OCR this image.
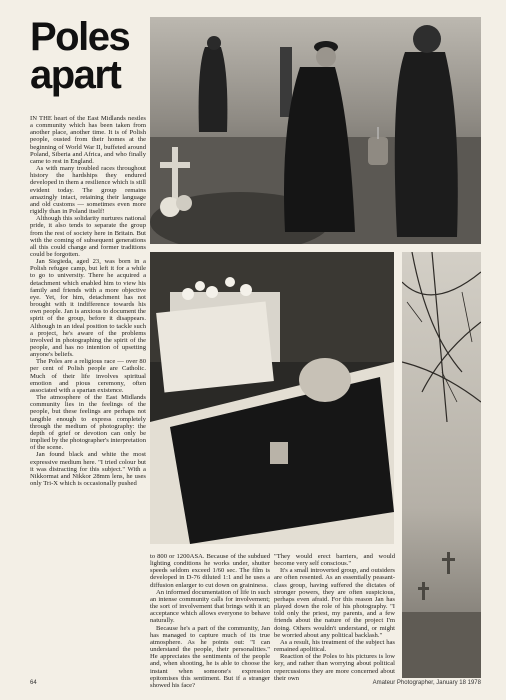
Poles
apart

IN THE heart of the East Midlands nestles a community which has been taken from another place, another time. It is of Polish people, ousted from their homes at the beginning of World War II, buffeted around Poland, Siberia and Africa, and who finally came to rest in England.

As with many troubled races throughout history the hardships they endured developed in them a resilience which is still evident today. The group remains amazingly intact, retaining their language and old customs — sometimes even more rigidly than in Poland itself!

Although this solidarity nurtures national pride, it also tends to separate the group from the rest of society here in Britain. But with the coming of subsequent generations all this could change and former traditions could be forgotten.

Jan Siegieda, aged 23, was born in a Polish refugee camp, but left it for a while to go to university. There he acquired a detachment which enabled him to view his family and friends with a more objective eye. Yet, for him, detachment has not brought with it indifference towards his own people. Jan is anxious to document the spirit of the group, before it disappears. Although in an ideal position to tackle such a project, he's aware of the problems involved in photographing the spirit of the people, and has no intention of upsetting anyone's beliefs.

The Poles are a religious race — over 80 per cent of Polish people are Catholic. Much of their life involves spiritual emotion and pious ceremony, often associated with a spartan existence.

The atmosphere of the East Midlands community lies in the feelings of the people, but these feelings are perhaps not tangible enough to express completely through the medium of photography: the depth of grief or devotion can only be implied by the photographer's interpretation of the scene.

Jan found black and white the most expressive medium here. "I tried colour but it was distracting for this subject." With a Nikkormat and Nikkor 28mm lens, he uses only Tri-X which is occasionally pushed

to 800 or 1200ASA. Because of the subdued lighting conditions he works under, shutter speeds seldom exceed 1/60 sec. The film is developed in D-76 diluted 1:1 and he uses a diffusion enlarger to cut down on graininess.

An informed documentation of life in such an intense community calls for involvement; the sort of involvement that brings with it an acceptance which allows everyone to behave naturally.

Because he's a part of the community, Jan has managed to capture much of its true atmosphere. As he points out: "I can understand the people, their personalities." He appreciates the sentiments of the people and, when shooting, he is able to choose the instant when someone's expression epitomises this sentiment. But if a stranger showed his face?

"They would erect barriers, and would become very self conscious."

It's a small introverted group, and outsiders are often resented. As an essentially peasant-class group, having suffered the dictates of stronger powers, they are often suspicious, perhaps even afraid. For this reason Jan has played down the role of his photography. "I told only the priest, my parents, and a few friends about the nature of the project I'm doing. Others wouldn't understand, or might be worried about any political backlash."

As a result, his treatment of the subject has remained apolitical.

Reaction of the Poles to his pictures is low key, and rather than worrying about political repercussions they are more concerned about their own

64	Amateur Photographer, January 18 1978
